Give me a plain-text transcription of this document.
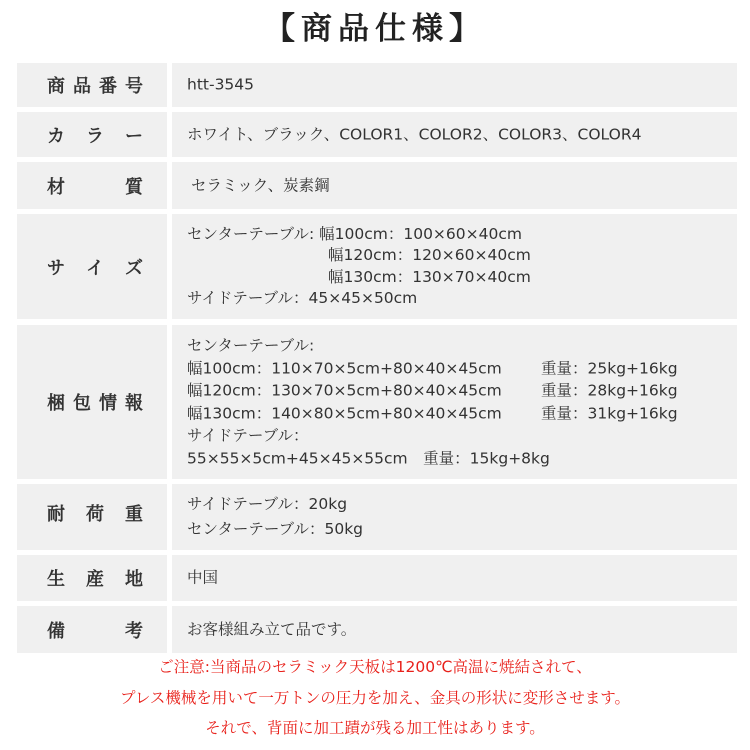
【商品仕様】
商 品 番 号	htt-3545
カ ラ ー	ホワイト、ブラック、COLOR1、COLOR2、COLOR3、COLOR4
材	質	セラミック、炭素鋼
サ イ ズ
センターテーブル: 幅100cm：100×60×40cm
幅120cm：120×60×40cm
幅130cm：130×70×40cm
サイドテーブル：45×45×50cm
梱 包 情 報
センターテーブル:
幅100cm：110×70×5cm+80×40×45cm	重量：25kg+16kg
幅120cm：130×70×5cm+80×40×45cm	重量：28kg+16kg
幅130cm：140×80×5cm+80×40×45cm	重量：31kg+16kg
サイドテーブル：
55×55×5cm+45×45×55cm　重量：15kg+8kg
耐 荷 重	サイドテーブル：20kg
センターテーブル：50kg
生 産 地	中国
備	考	お客様組み立て品です。
ご注意:当商品のセラミック天板は1200℃高温に焼結されて、
プレス機械を用いて一万トンの圧力を加え、金具の形状に変形させます。
それで、背面に加工蹟が残る加工性はあります。
